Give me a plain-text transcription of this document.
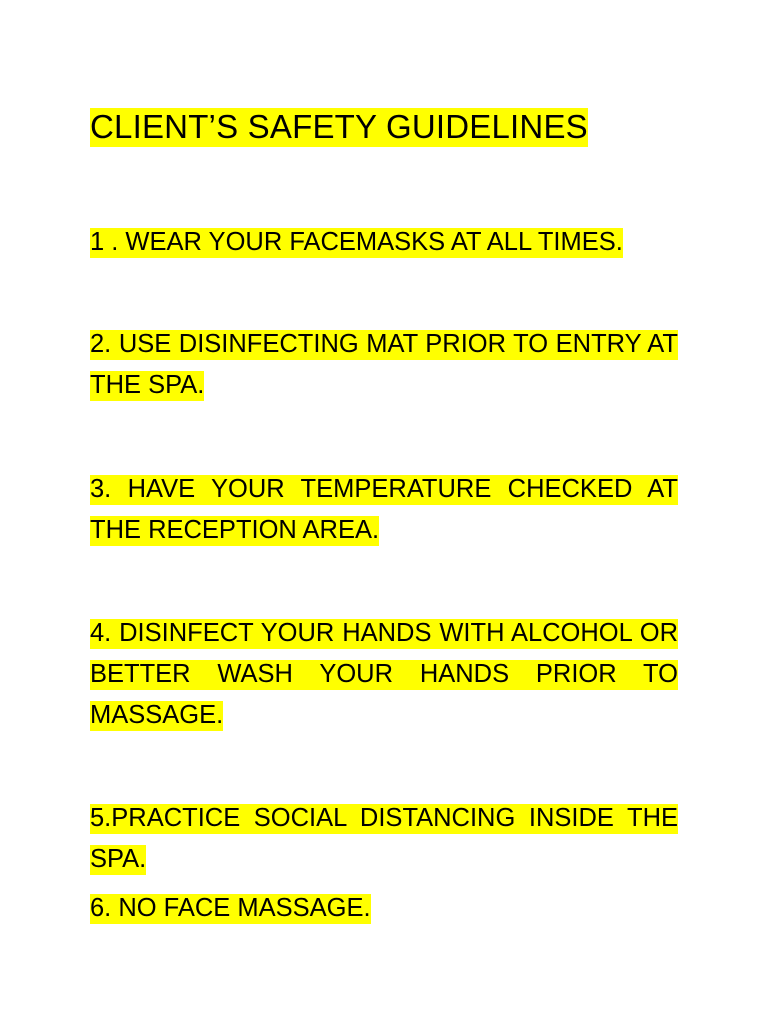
CLIENT’S SAFETY GUIDELINES

1 . WEAR YOUR FACEMASKS AT ALL TIMES.

2. USE DISINFECTING MAT PRIOR TO ENTRY AT THE SPA.

3. HAVE YOUR TEMPERATURE CHECKED AT THE RECEPTION AREA.

4. DISINFECT YOUR HANDS WITH ALCOHOL OR BETTER WASH YOUR HANDS PRIOR TO MASSAGE.

5.PRACTICE SOCIAL DISTANCING INSIDE THE SPA.

6. NO FACE MASSAGE.
